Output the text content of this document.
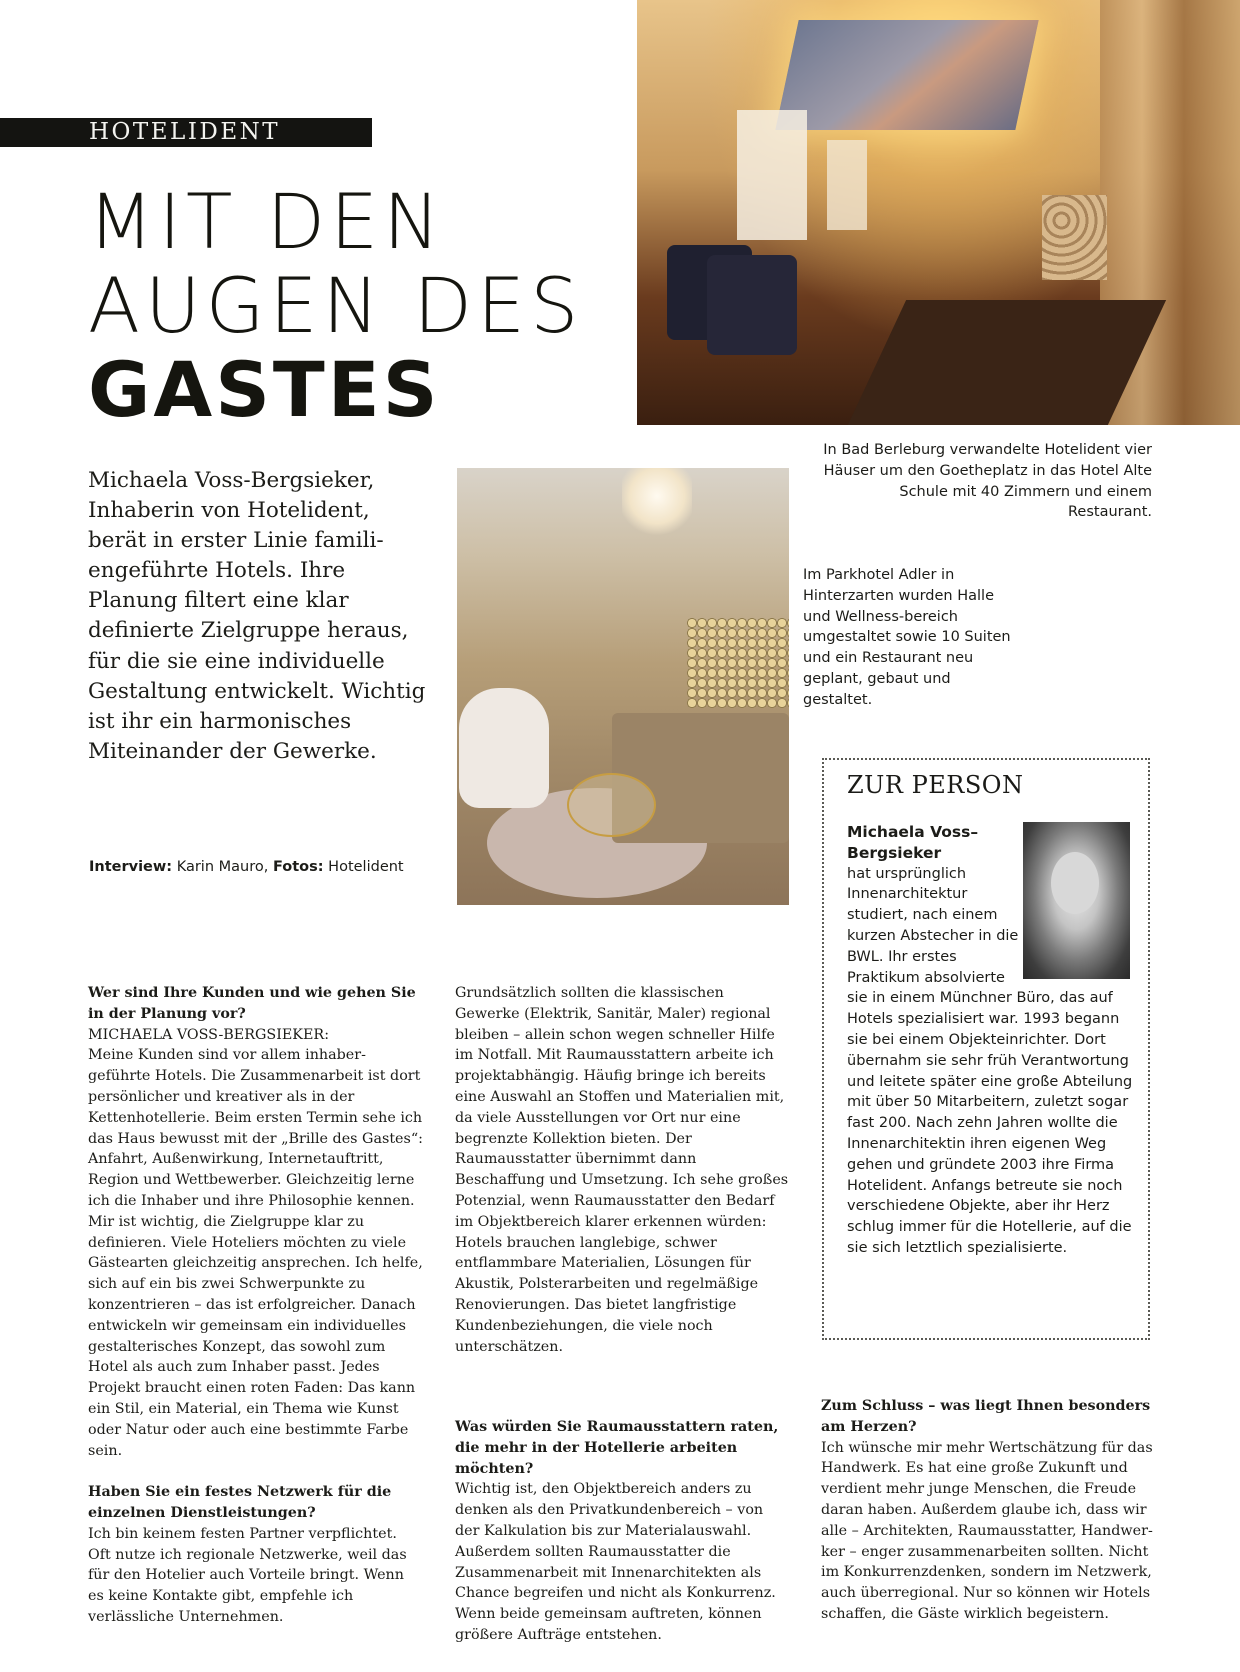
HOTELIDENT
MIT DEN
AUGEN DES
GASTES
In Bad Berleburg verwandelte Hotelident vier Häuser um den Goetheplatz in das Hotel Alte Schule mit 40 Zimmern und einem Restaurant.
Michaela Voss-Bergsieker, Inhaberin von Hotelident, berät in erster Linie familiengeführte Hotels. Ihre Planung filtert eine klar definierte Zielgruppe heraus, für die sie eine individuelle Gestaltung entwickelt. Wichtig ist ihr ein harmonisches Miteinander der Gewerke.
Interview: Karin Mauro, Fotos: Hotelident
Im Parkhotel Adler in Hinterzarten wurden Halle und Wellness-bereich umgestaltet sowie 10 Suiten und ein Restaurant neu geplant, gebaut und gestaltet.
ZUR PERSON
Michaela Voss–Bergsieker
hat ursprünglich Innenarchitektur studiert, nach einem kurzen Abstecher in die BWL. Ihr erstes Praktikum absolvierte sie in einem Münchner Büro, das auf Hotels spezialisiert war. 1993 begann sie bei einem Objekteinrichter. Dort übernahm sie sehr früh Verantwortung und leitete später eine große Abteilung mit über 50 Mitarbeitern, zuletzt sogar fast 200. Nach zehn Jahren wollte die Innenarchitektin ihren eigenen Weg gehen und gründete 2003 ihre Firma Hotelident. Anfangs betreute sie noch verschiedene Objekte, aber ihr Herz schlug immer für die Hotellerie, auf die sie sich letztlich spezialisierte.
Wer sind Ihre Kunden und wie gehen Sie in der Planung vor?
MICHAELA VOSS-BERGSIEKER:

Meine Kunden sind vor allem inhabergeführte Hotels. Die Zusammenarbeit ist dort persönlicher und kreativer als in der Kettenhotellerie. Beim ersten Termin sehe ich das Haus bewusst mit der „Brille des Gastes“: Anfahrt, Außenwirkung, Internetauftritt, Region und Wettbewerber. Gleichzeitig lerne ich die Inhaber und ihre Philosophie kennen. Mir ist wichtig, die Zielgruppe klar zu definieren. Viele Hoteliers möchten zu viele Gästearten gleichzeitig ansprechen. Ich helfe, sich auf ein bis zwei Schwerpunkte zu konzentrieren – das ist erfolgreicher. Danach entwickeln wir gemeinsam ein individuelles gestalterisches Konzept, das sowohl zum Hotel als auch zum Inhaber passt. Jedes Projekt braucht einen roten Faden: Das kann ein Stil, ein Material, ein Thema wie Kunst oder Natur oder auch eine bestimmte Farbe sein.

Haben Sie ein festes Netzwerk für die einzelnen Dienstleistungen?

Ich bin keinem festen Partner verpflichtet. Oft nutze ich regionale Netzwerke, weil das für den Hotelier auch Vorteile bringt. Wenn es keine Kontakte gibt, empfehle ich verlässliche Unternehmen.

Grundsätzlich sollten die klassischen Gewerke (Elektrik, Sanitär, Maler) regional bleiben – allein schon wegen schneller Hilfe im Notfall. Mit Raumausstattern arbeite ich projektabhängig. Häufig bringe ich bereits eine Auswahl an Stoffen und Materialien mit, da viele Ausstellungen vor Ort nur eine begrenzte Kollektion bieten. Der Raumausstatter übernimmt dann Beschaffung und Umsetzung. Ich sehe großes Potenzial, wenn Raumausstatter den Bedarf im Objektbereich klarer erkennen würden: Hotels brauchen langlebige, schwer entflammbare Materialien, Lösungen für Akustik, Polsterarbeiten und regelmäßige Renovierungen. Das bietet langfristige Kundenbeziehungen, die viele noch unterschätzen.

Was würden Sie Raumausstattern raten, die mehr in der Hotellerie arbeiten möchten?

Wichtig ist, den Objektbereich anders zu denken als den Privatkundenbereich – von der Kalkulation bis zur Materialauswahl. Außerdem sollten Raumausstatter die Zusammenarbeit mit Innenarchitekten als Chance begreifen und nicht als Konkurrenz. Wenn beide gemeinsam auftreten, können größere Aufträge entstehen.

Zum Schluss – was liegt Ihnen besonders am Herzen?

Ich wünsche mir mehr Wertschätzung für das Handwerk. Es hat eine große Zukunft und verdient mehr junge Menschen, die Freude daran haben. Außerdem glaube ich, dass wir alle – Architekten, Raumausstatter, Handwerker – enger zusammenarbeiten sollten. Nicht im Konkurrenzdenken, sondern im Netzwerk, auch überregional. Nur so können wir Hotels schaffen, die Gäste wirklich begeistern.
